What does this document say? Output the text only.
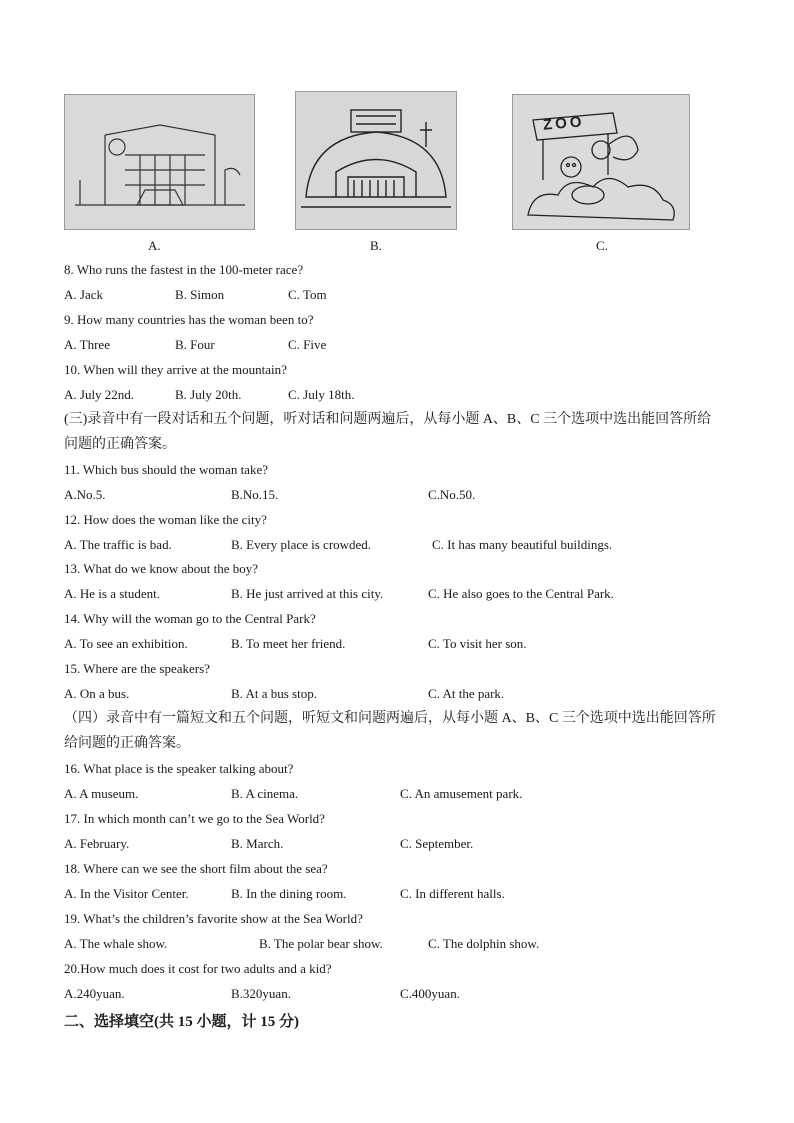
ZOO
A.	B.	C.
8. Who runs the fastest in the 100-meter race?
A. Jack	B. Simon	C. Tom
9. How many countries has the woman been to?
A. Three	B. Four	C. Five
10. When will they arrive at the mountain?
A. July 22nd.	B. July 20th.	C. July 18th.
(三)录音中有一段对话和五个问题，听对话和问题两遍后，从每小题 A、B、C 三个选项中选出能回答所给
问题的正确答案。
11. Which bus should the woman take?
A.No.5.	B.No.15.	C.No.50.
12. How does the woman like the city?
A. The traffic is bad.	B. Every place is crowded.	C. It has many beautiful buildings.
13. What do we know about the boy?
A. He is a student.	B. He just arrived at this city.	C. He also goes to the Central Park.
14. Why will the woman go to the Central Park?
A. To see an exhibition.	B. To meet her friend.	C. To visit her son.
15. Where are the speakers?
A. On a bus.	B. At a bus stop.	C. At the park.
（四）录音中有一篇短文和五个问题，听短文和问题两遍后，从每小题 A、B、C 三个选项中选出能回答所
给问题的正确答案。
16. What place is the speaker talking about?
A. A museum.	B. A cinema.	C. An amusement park.
17. In which month can’t we go to the Sea World?
A. February.	B. March.	C. September.
18. Where can we see the short film about the sea?
A. In the Visitor Center.	B. In the dining room.	C. In different halls.
19. What’s the children’s favorite show at the Sea World?
A. The whale show.	B. The polar bear show.	C. The dolphin show.
20.How much does it cost for two adults and a kid?
A.240yuan.	B.320yuan.	C.400yuan.
二、选择填空(共 15 小题，计 15 分)
